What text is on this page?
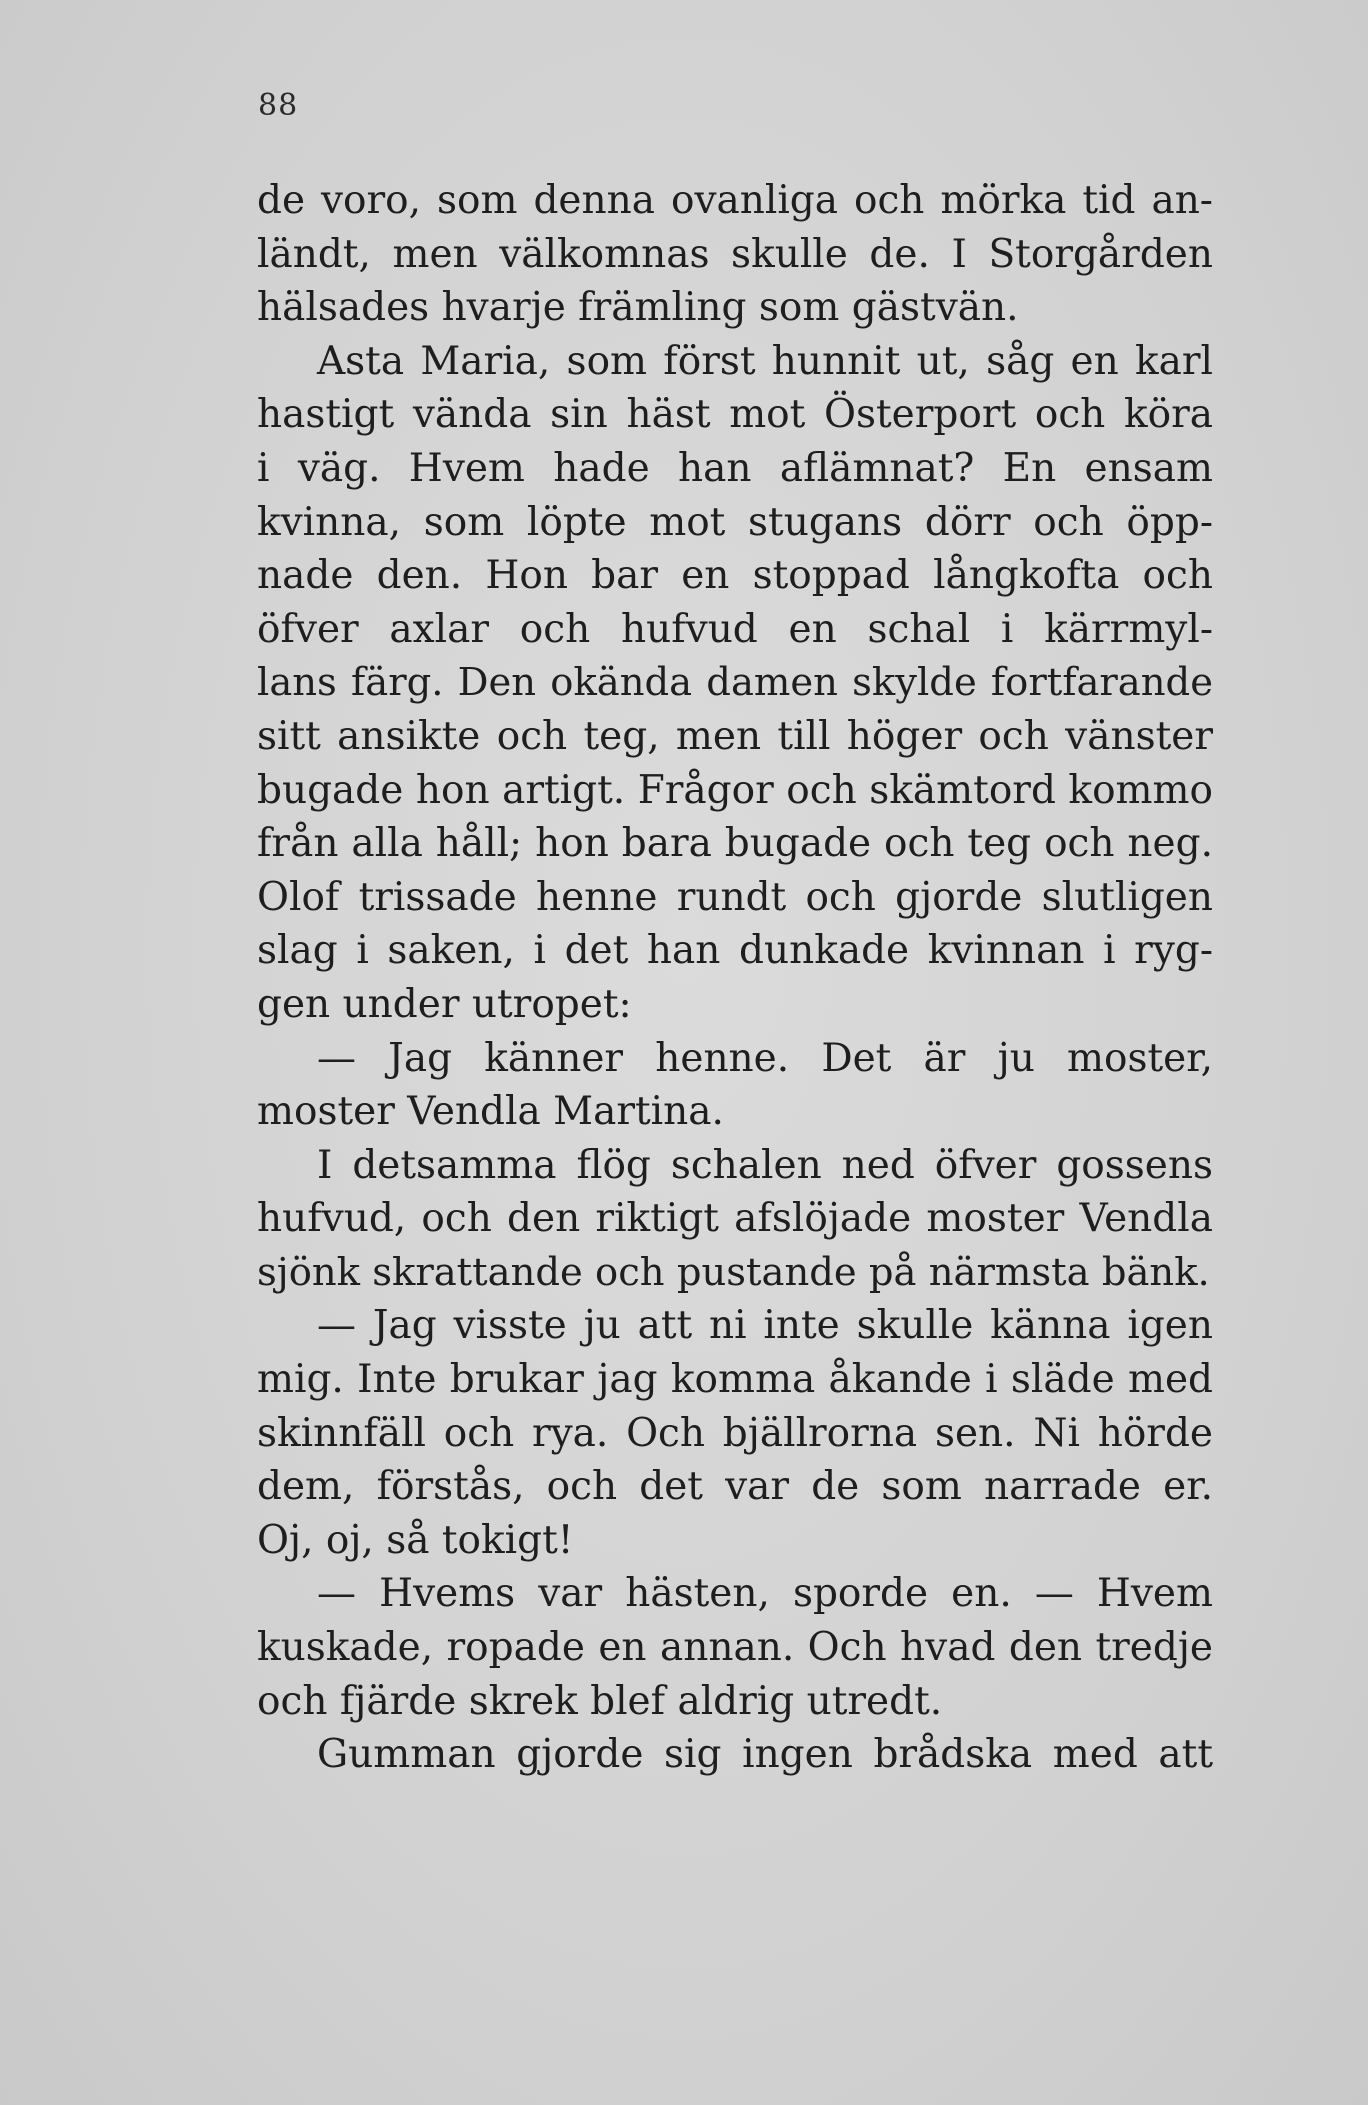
88
de voro, som denna ovanliga och mörka tid an-
ländt, men välkomnas skulle de. I Storgården
hälsades hvarje främling som gästvän.
Asta Maria, som först hunnit ut, såg en karl
hastigt vända sin häst mot Österport och köra
i väg. Hvem hade han aflämnat? En ensam
kvinna, som löpte mot stugans dörr och öpp-
nade den. Hon bar en stoppad långkofta och
öfver axlar och hufvud en schal i kärrmyl-
lans färg. Den okända damen skylde fortfarande
sitt ansikte och teg, men till höger och vänster
bugade hon artigt. Frågor och skämtord kommo
från alla håll; hon bara bugade och teg och neg.
Olof trissade henne rundt och gjorde slutligen
slag i saken, i det han dunkade kvinnan i ryg-
gen under utropet:
— Jag känner henne. Det är ju moster,
moster Vendla Martina.
I detsamma flög schalen ned öfver gossens
hufvud, och den riktigt afslöjade moster Vendla
sjönk skrattande och pustande på närmsta bänk.
— Jag visste ju att ni inte skulle känna igen
mig. Inte brukar jag komma åkande i släde med
skinnfäll och rya. Och bjällrorna sen. Ni hörde
dem, förstås, och det var de som narrade er.
Oj, oj, så tokigt!
— Hvems var hästen, sporde en. — Hvem
kuskade, ropade en annan. Och hvad den tredje
och fjärde skrek blef aldrig utredt.
Gumman gjorde sig ingen brådska med att
